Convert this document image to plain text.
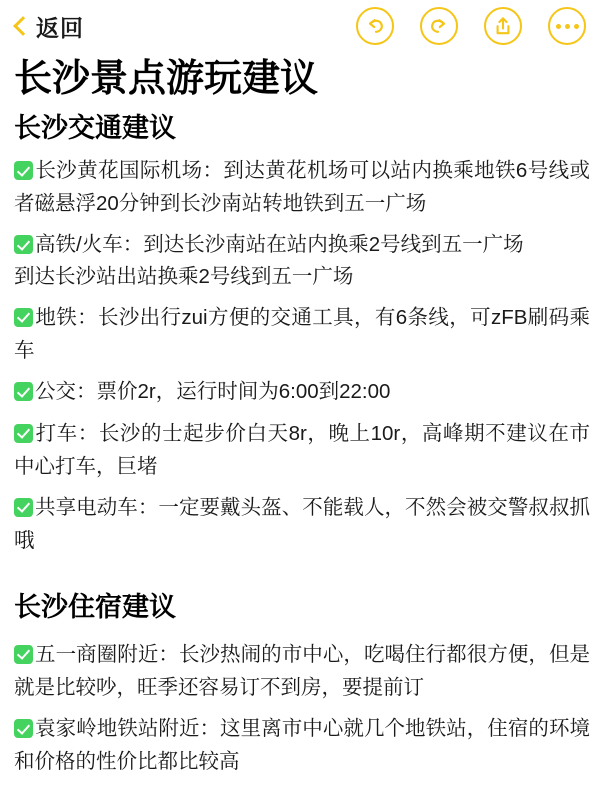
返回
长沙景点游玩建议
长沙交通建议

长沙黄花国际机场：到达黄花机场可以站内换乘地铁6号线或者磁悬浮20分钟到长沙南站转地铁到五一广场

高铁/火车：到达长沙南站在站内换乘2号线到五一广场
到达长沙站出站换乘2号线到五一广场

地铁：长沙出行zui方便的交通工具，有6条线，可zFB刷码乘车

公交：票价2r，运行时间为6:00到22:00

打车：长沙的士起步价白天8r，晚上10r，高峰期不建议在市中心打车，巨堵

共享电动车：一定要戴头盔、不能载人，不然会被交警叔叔抓哦

长沙住宿建议

五一商圈附近：长沙热闹的市中心，吃喝住行都很方便，但是就是比较吵，旺季还容易订不到房，要提前订

袁家岭地铁站附近：这里离市中心就几个地铁站，住宿的环境和价格的性价比都比较高
